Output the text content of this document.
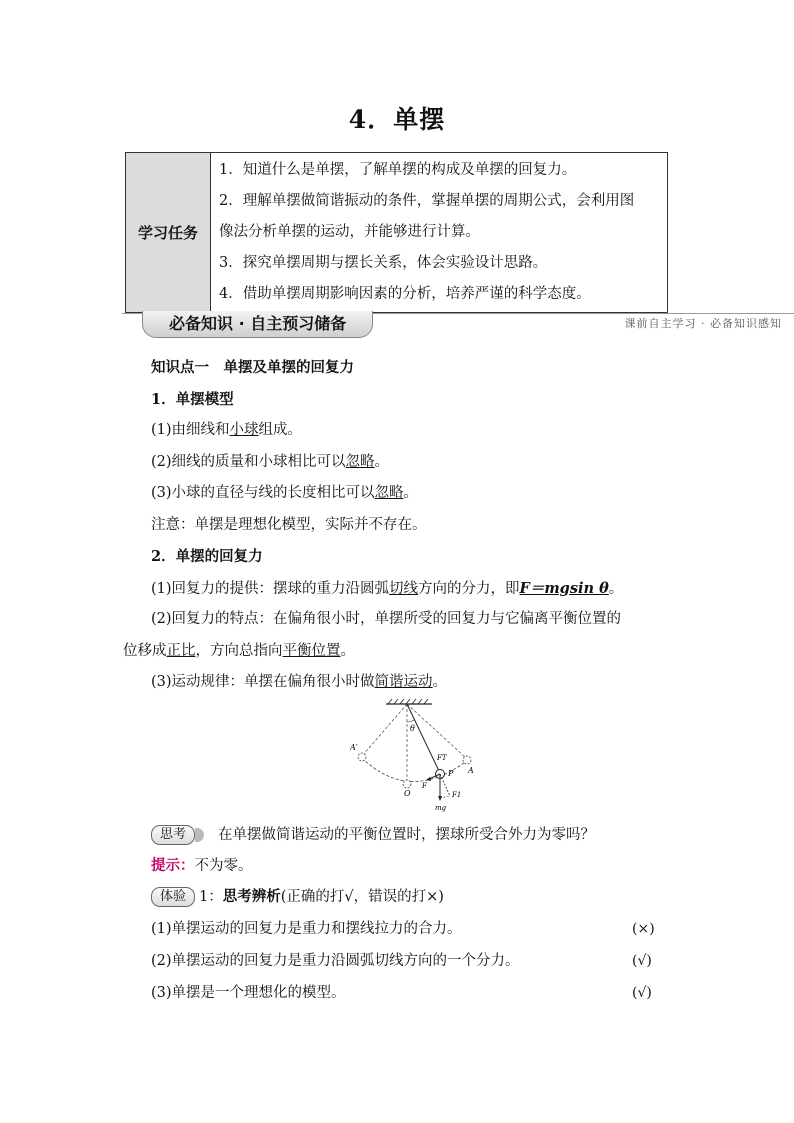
4．单摆
学习任务	
1．知道什么是单摆，了解单摆的构成及单摆的回复力。
2．理解单摆做简谐振动的条件，掌握单摆的周期公式，会利用图
像法分析单摆的运动，并能够进行计算。
3．探究单摆周期与摆长关系，体会实验设计思路。
4．借助单摆周期影响因素的分析，培养严谨的科学态度。
必备知识 · 自主预习储备	课前自主学习 · 必备知识感知
知识点一　单摆及单摆的回复力
1．单摆模型
(1)由细线和小球组成。
(2)细线的质量和小球相比可以忽略。
(3)小球的直径与线的长度相比可以忽略。
注意：单摆是理想化模型，实际并不存在。
2．单摆的回复力
(1)回复力的提供：摆球的重力沿圆弧切线方向的分力，即F＝mgsin θ。
(2)回复力的特点：在偏角很小时，单摆所受的回复力与它偏离平衡位置的
位移成正比，方向总指向平衡位置。
(3)运动规律：单摆在偏角很小时做简谐运动。
θ
A′
A
O
P
FT
F
F1
mg
思考 在单摆做简谐运动的平衡位置时，摆球所受合外力为零吗？
提示：不为零。
体验 1：思考辨析(正确的打√，错误的打×)
(1)单摆运动的回复力是重力和摆线拉力的合力。	(×)
(2)单摆运动的回复力是重力沿圆弧切线方向的一个分力。	(√)
(3)单摆是一个理想化的模型。	(√)
